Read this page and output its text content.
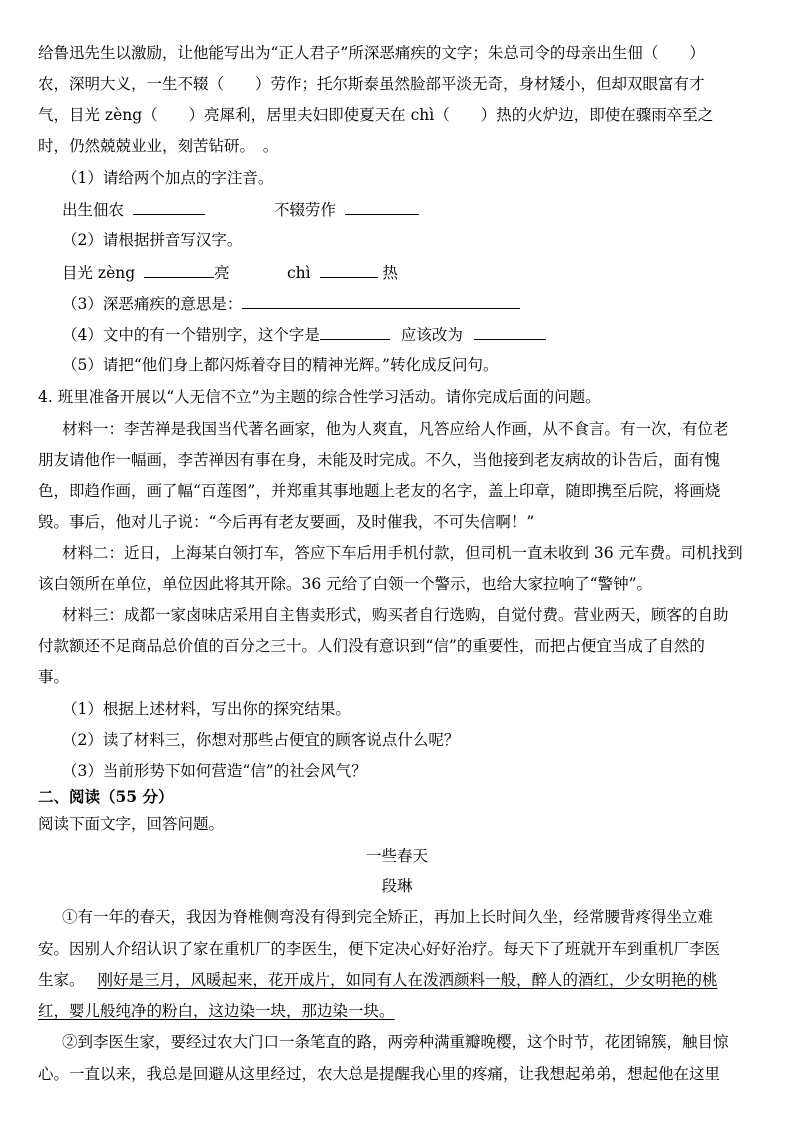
给鲁迅先生以激励，让他能写出为“正人君子”所深恶痛疾的文字；朱总司令的母亲出生佃（　　）
农，深明大义，一生不辍（　　）劳作；托尔斯泰虽然脸部平淡无奇，身材矮小，但却双眼富有才
气，目光 zèng（　　）亮犀利，居里夫妇即使夏天在 chì（　　）热的火炉边，即使在骤雨卒至之
时，仍然兢兢业业，刻苦钻研。　。
（1）请给两个加点的字注音。
出生佃农	不辍劳作
（2）请根据拼音写汉字。
目光 zèng	亮	chì	热
（3）深恶痛疾的意思是：
（4）文中的有一个错别字，这个字是	应该改为
（5）请把“他们身上都闪烁着夺目的精神光辉。”转化成反问句。
4. 班里准备开展以“人无信不立”为主题的综合性学习活动。请你完成后面的问题。
材料一：李苦禅是我国当代著名画家，他为人爽直，凡答应给人作画，从不食言。有一次，有位老
朋友请他作一幅画，李苦禅因有事在身，未能及时完成。不久，当他接到老友病故的讣告后，面有愧
色，即趋作画，画了幅“百莲图”，并郑重其事地题上老友的名字，盖上印章，随即携至后院，将画烧
毁。事后，他对儿子说：“今后再有老友要画，及时催我，不可失信啊！”
材料二：近日，上海某白领打车，答应下车后用手机付款，但司机一直未收到 36 元车费。司机找到
该白领所在单位，单位因此将其开除。36 元给了白领一个警示，也给大家拉响了“警钟”。
材料三：成都一家卤味店采用自主售卖形式，购买者自行选购，自觉付费。营业两天，顾客的自助
付款额还不足商品总价值的百分之三十。人们没有意识到“信”的重要性，而把占便宜当成了自然的
事。
（1）根据上述材料，写出你的探究结果。
（2）读了材料三，你想对那些占便宜的顾客说点什么呢？
（3）当前形势下如何营造“信”的社会风气？
二、阅读（55 分）
阅读下面文字，回答问题。
一些春天
段琳
①有一年的春天，我因为脊椎侧弯没有得到完全矫正，再加上长时间久坐，经常腰背疼得坐立难
安。因别人介绍认识了家在重机厂的李医生，便下定决心好好治疗。每天下了班就开车到重机厂李医
生家。 刚好是三月，风暖起来，花开成片，如同有人在泼洒颜料一般，醉人的酒红，少女明艳的桃
红，婴儿般纯净的粉白，这边染一块，那边染一块。
②到李医生家，要经过农大门口一条笔直的路，两旁种满重瓣晚樱，这个时节，花团锦簇，触目惊
心。一直以来，我总是回避从这里经过，农大总是提醒我心里的疼痛，让我想起弟弟，想起他在这里
